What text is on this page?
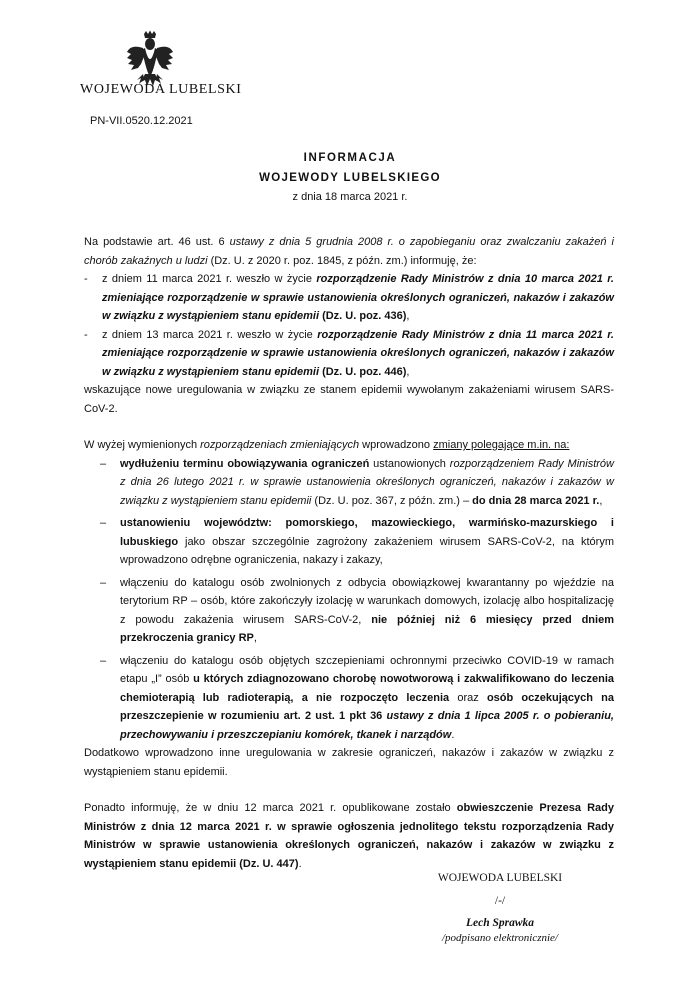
WOJEWODA LUBELSKI
PN-VII.0520.12.2021
INFORMACJA
WOJEWODY LUBELSKIEGO
z dnia 18 marca 2021 r.

Na podstawie art. 46 ust. 6 ustawy z dnia 5 grudnia 2008 r. o zapobieganiu oraz zwalczaniu zakażeń i chorób zakaźnych u ludzi (Dz. U. z 2020 r. poz. 1845, z późn. zm.) informuję, że:

- z dniem 11 marca 2021 r. weszło w życie rozporządzenie Rady Ministrów z dnia 10 marca 2021 r. zmieniające rozporządzenie w sprawie ustanowienia określonych ograniczeń, nakazów i zakazów w związku z wystąpieniem stanu epidemii (Dz. U. poz. 436),
- z dniem 13 marca 2021 r. weszło w życie rozporządzenie Rady Ministrów z dnia 11 marca 2021 r. zmieniające rozporządzenie w sprawie ustanowienia określonych ograniczeń, nakazów i zakazów w związku z wystąpieniem stanu epidemii (Dz. U. poz. 446),

wskazujące nowe uregulowania w związku ze stanem epidemii wywołanym zakażeniami wirusem SARS-CoV-2.

W wyżej wymienionych rozporządzeniach zmieniających wprowadzono zmiany polegające m.in. na:

– wydłużeniu terminu obowiązywania ograniczeń ustanowionych rozporządzeniem Rady Ministrów z dnia 26 lutego 2021 r. w sprawie ustanowienia określonych ograniczeń, nakazów i zakazów w związku z wystąpieniem stanu epidemii (Dz. U. poz. 367, z późn. zm.) – do dnia 28 marca 2021 r.,
– ustanowieniu województw: pomorskiego, mazowieckiego, warmińsko-mazurskiego i lubuskiego jako obszar szczególnie zagrożony zakażeniem wirusem SARS-CoV-2, na którym wprowadzono odrębne ograniczenia, nakazy i zakazy,
– włączeniu do katalogu osób zwolnionych z odbycia obowiązkowej kwarantanny po wjeździe na terytorium RP – osób, które zakończyły izolację w warunkach domowych, izolację albo hospitalizację z powodu zakażenia wirusem SARS-CoV-2, nie później niż 6 miesięcy przed dniem przekroczenia granicy RP,
– włączeniu do katalogu osób objętych szczepieniami ochronnymi przeciwko COVID-19 w ramach etapu „I” osób u których zdiagnozowano chorobę nowotworową i zakwalifikowano do leczenia chemioterapią lub radioterapią, a nie rozpoczęto leczenia oraz osób oczekujących na przeszczepienie w rozumieniu art. 2 ust. 1 pkt 36 ustawy z dnia 1 lipca 2005 r. o pobieraniu, przechowywaniu i przeszczepianiu komórek, tkanek i narządów.

Dodatkowo wprowadzono inne uregulowania w zakresie ograniczeń, nakazów i zakazów w związku z wystąpieniem stanu epidemii.

Ponadto informuję, że w dniu 12 marca 2021 r. opublikowane zostało obwieszczenie Prezesa Rady Ministrów z dnia 12 marca 2021 r. w sprawie ogłoszenia jednolitego tekstu rozporządzenia Rady Ministrów w sprawie ustanowienia określonych ograniczeń, nakazów i zakazów w związku z wystąpieniem stanu epidemii (Dz. U. 447).

WOJEWODA LUBELSKI
/-/
Lech Sprawka
/podpisano elektronicznie/
